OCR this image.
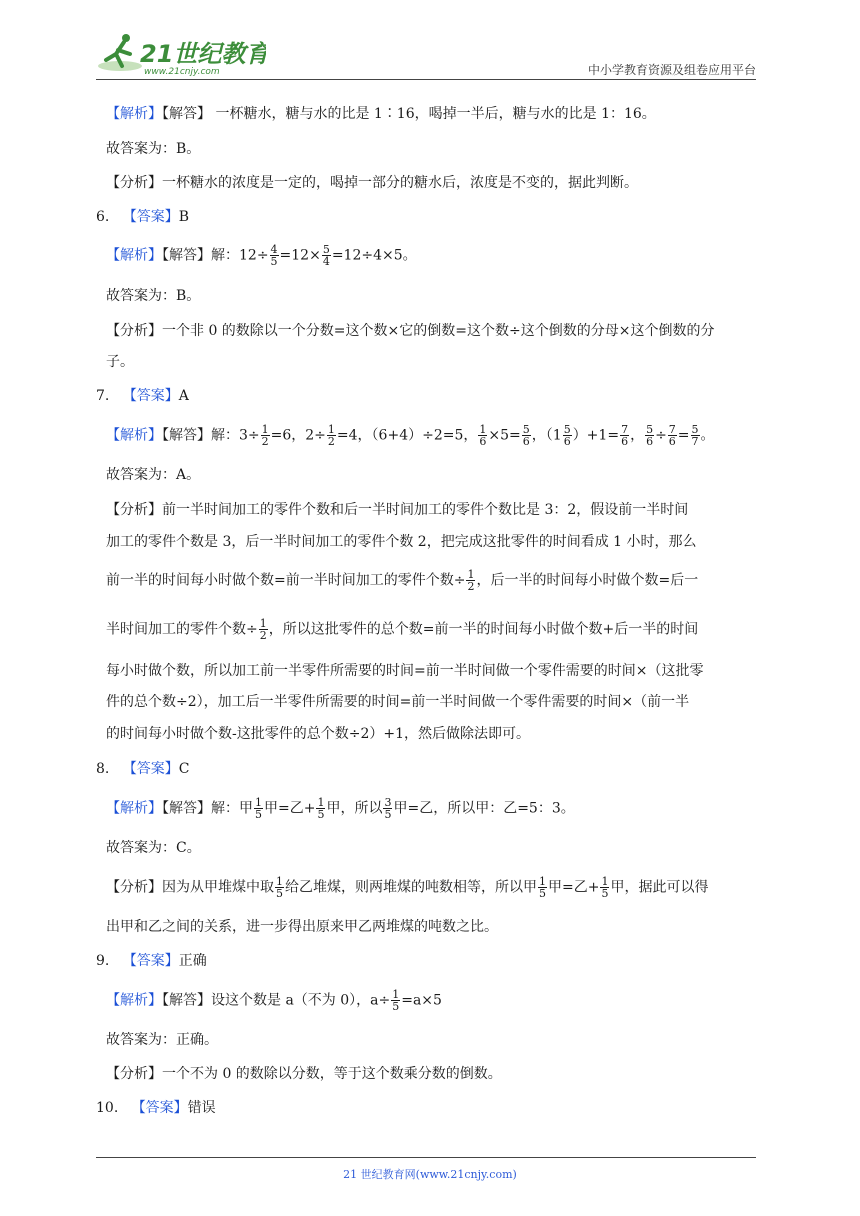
21世纪教育
www.21cnjy.com	中小学教育资源及组卷应用平台
【解析】【解答】 一杯糖水，糖与水的比是 1∶16，喝掉一半后，糖与水的比是 1：16。
故答案为：B。
【分析】一杯糖水的浓度是一定的，喝掉一部分的糖水后，浓度是不变的，据此判断。
6. 【答案】B
【解析】【解答】解：$12\div \frac{4}{5} =12\times \frac{5}{4} =12\div 4\times 5$。
故答案为：B。
【分析】一个非 0 的数除以一个分数=这个数×它的倒数=这个数÷这个倒数的分母×这个倒数的分
子。
7. 【答案】A
【解析】【解答】解：$3\div \frac{1}{2} =6$，$2\div \frac{1}{2} =4$，（6+4）÷2=5， $\frac{1}{6} \times 5= \frac{5}{6}$ ，$(1 \frac{5}{6} )+1= \frac{7}{6}$ ， $\frac{5}{6} \div \frac{7}{6} = \frac{5}{7}$ 。
故答案为：A。
【分析】前一半时间加工的零件个数和后一半时间加工的零件个数比是 3：2，假设前一半时间
加工的零件个数是 3，后一半时间加工的零件个数 2，把完成这批零件的时间看成 1 小时，那么
前一半的时间每小时做个数=前一半时间加工的零件个数÷ $\frac{1}{2}$ ，后一半的时间每小时做个数=后一
半时间加工的零件个数÷ $\frac{1}{2}$ ，所以这批零件的总个数=前一半的时间每小时做个数+后一半的时间
每小时做个数，所以加工前一半零件所需要的时间=前一半时间做一个零件需要的时间×（这批零
件的总个数÷2），加工后一半零件所需要的时间=前一半时间做一个零件需要的时间×（前一半
的时间每小时做个数-这批零件的总个数÷2）+1，然后做除法即可。
8. 【答案】C
【解析】【解答】解：甲 $\frac{1}{5}$ 甲=乙+ $\frac{1}{5}$ 甲，所以 $\frac{3}{5}$ 甲=乙，所以甲：乙=5：3。
故答案为：C。
【分析】因为从甲堆煤中取 $\frac{1}{5}$ 给乙堆煤，则两堆煤的吨数相等，所以甲 $\frac{1}{5}$ 甲=乙+ $\frac{1}{5}$ 甲，据此可以得
出甲和乙之间的关系，进一步得出原来甲乙两堆煤的吨数之比。
9. 【答案】正确
【解析】【解答】设这个数是 a（不为 0），$a\div \frac{1}{5} =a\times 5$
故答案为：正确。
【分析】一个不为 0 的数除以分数，等于这个数乘分数的倒数。
10. 【答案】错误
21 世纪教育网(www.21cnjy.com)
